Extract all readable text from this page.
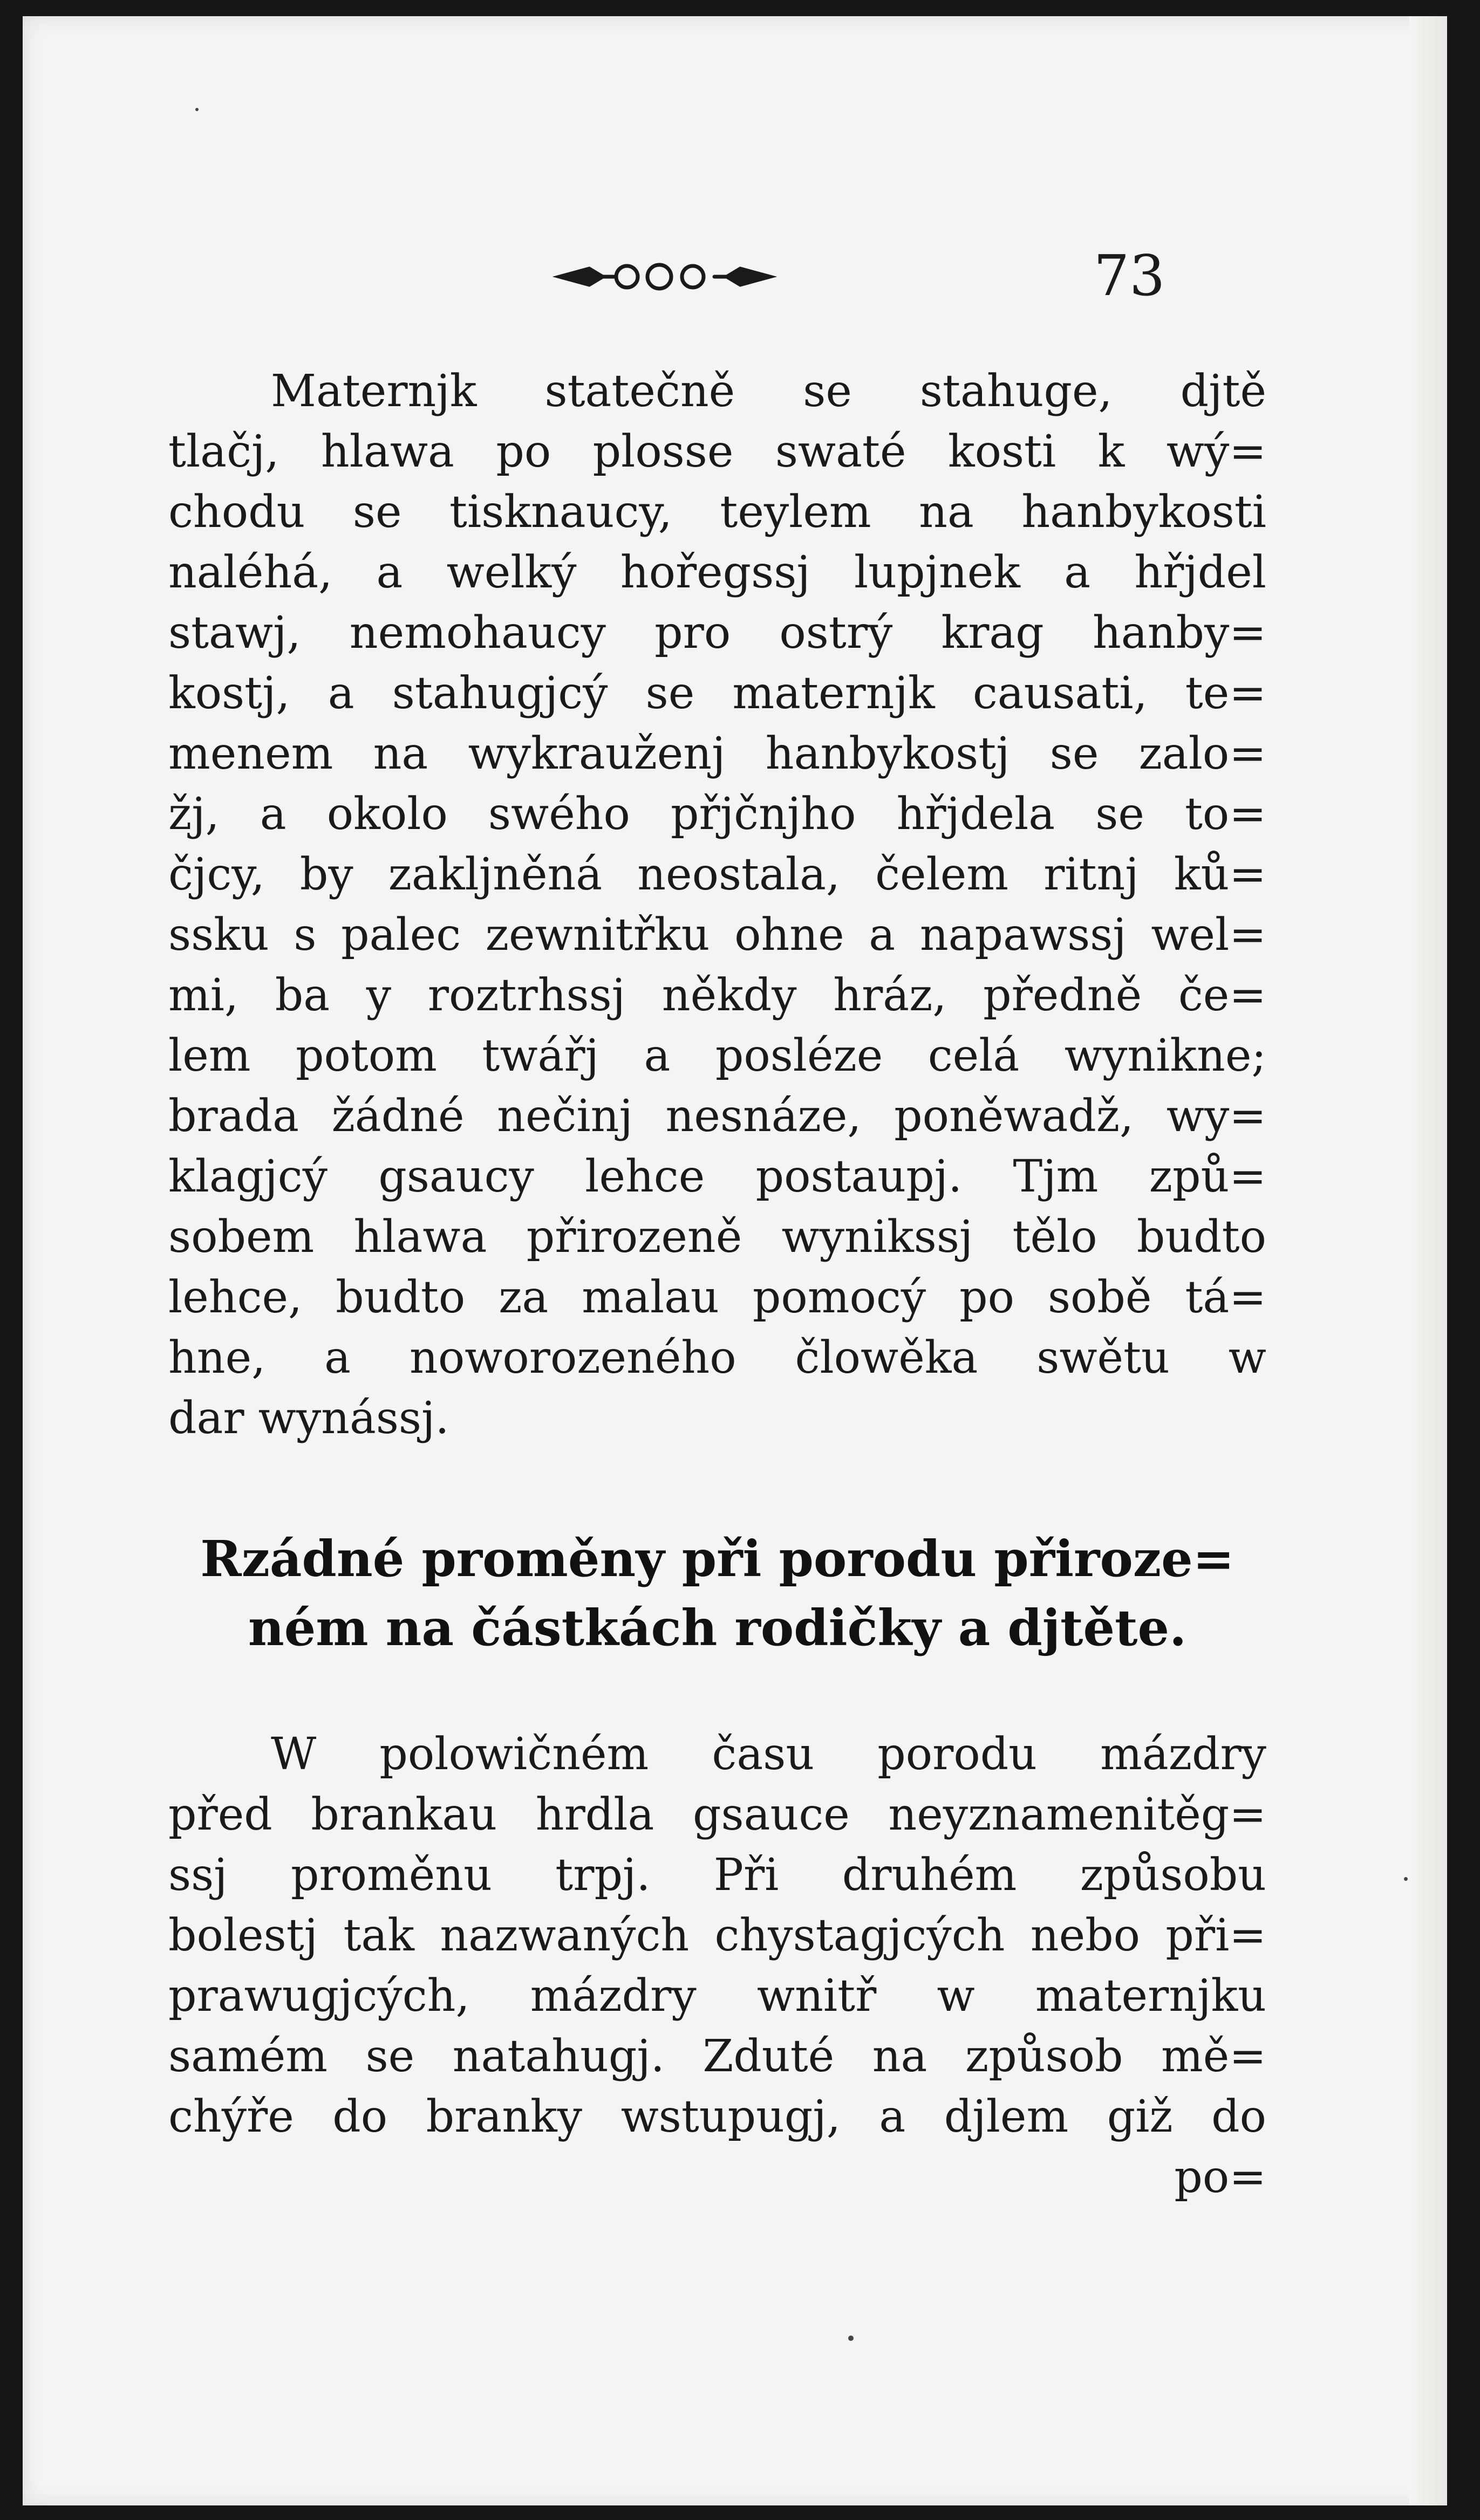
73

Maternjk statečně se stahuge, djtě
tlačj, hlawa po plosse swaté kosti k wý=
chodu se tisknaucy, teylem na hanbykosti
naléhá, a welký hořegssj lupjnek a hřjdel
stawj, nemohaucy pro ostrý krag hanby=
kostj, a stahugjcý se maternjk causati, te=
menem na wykrauženj hanbykostj se zalo=
žj, a okolo swého přjčnjho hřjdela se to=
čjcy, by zakljněná neostala, čelem ritnj ků=
ssku s palec zewnitřku ohne a napawssj wel=
mi, ba y roztrhssj někdy hráz, předně če=
lem potom twářj a posléze celá wynikne;
brada žádné nečinj nesnáze, poněwadž, wy=
klagjcý gsaucy lehce postaupj. Tjm způ=
sobem hlawa přirozeně wynikssj tělo budto
lehce, budto za malau pomocý po sobě tá=
hne, a noworozeného člowěka swětu w
dar wynássj.

Rzádné proměny při porodu přiroze=
ném na částkách rodičky a djtěte.

W polowičném času porodu mázdry
před brankau hrdla gsauce neyznamenitěg=
ssj proměnu trpj. Při druhém způsobu
bolestj tak nazwaných chystagjcých nebo při=
prawugjcých, mázdry wnitř w maternjku
samém se natahugj. Zduté na způsob mě=
chýře do branky wstupugj, a djlem giž do

po=
